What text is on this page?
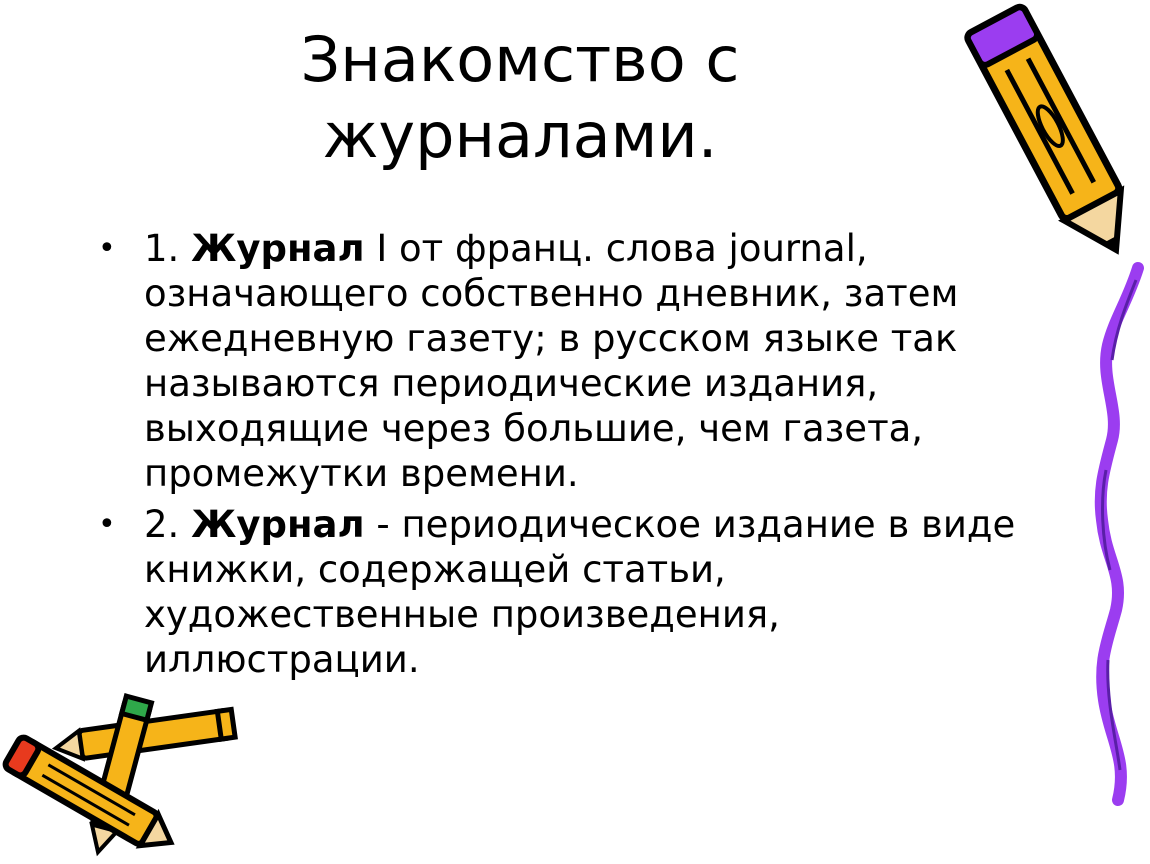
Знакомство с
журналами.
• 1. Журнал I от франц. слова journal, означающего собственно дневник, затем ежедневную газету; в русском языке так называются периодические издания, выходящие через большие, чем газета, промежутки времени.
• 2. Журнал - периодическое издание в виде книжки, содержащей статьи, художественные произведения, иллюстрации.
